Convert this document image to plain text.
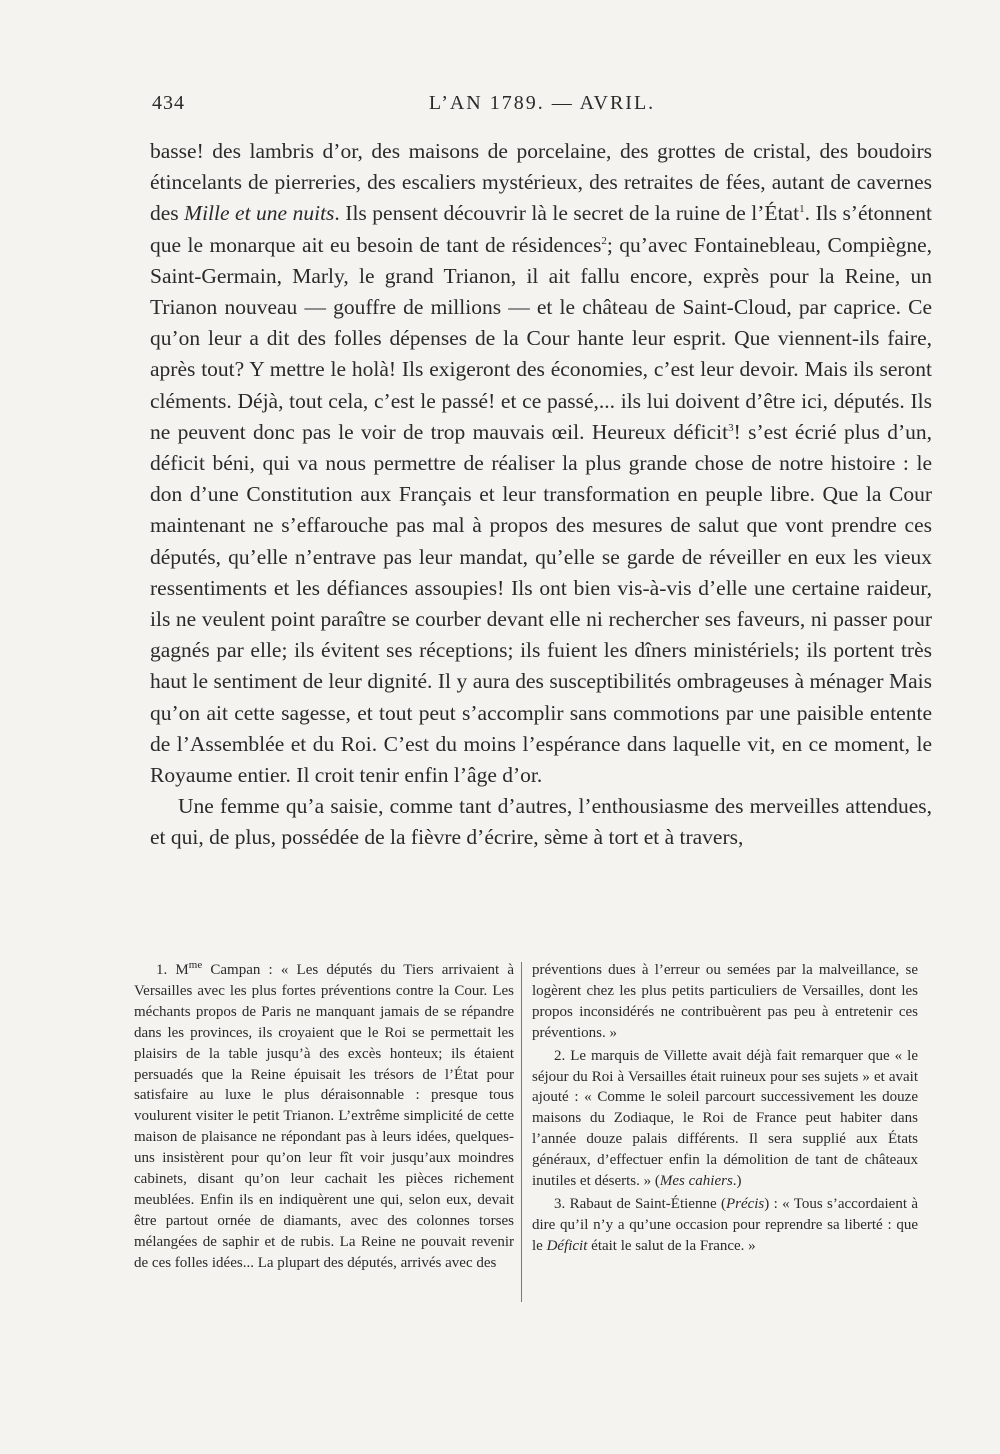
434	L’AN 1789. — AVRIL.

basse! des lambris d’or, des maisons de porcelaine, des grottes de cristal, des boudoirs étincelants de pierreries, des escaliers mystérieux, des retraites de fées, autant de cavernes des Mille et une nuits. Ils pensent découvrir là le secret de la ruine de l’État$^1$. Ils s’étonnent que le monarque ait eu besoin de tant de résidences$^2$; qu’avec Fontainebleau, Compiègne, Saint-Germain, Marly, le grand Trianon, il ait fallu encore, exprès pour la Reine, un Trianon nouveau — gouffre de millions — et le château de Saint-Cloud, par caprice. Ce qu’on leur a dit des folles dépenses de la Cour hante leur esprit. Que viennent-ils faire, après tout? Y mettre le holà! Ils exigeront des économies, c’est leur devoir. Mais ils seront cléments. Déjà, tout cela, c’est le passé! et ce passé,... ils lui doivent d’être ici, députés. Ils ne peuvent donc pas le voir de trop mauvais œil. Heureux déficit$^3$! s’est écrié plus d’un, déficit béni, qui va nous permettre de réaliser la plus grande chose de notre histoire : le don d’une Constitution aux Français et leur transformation en peuple libre. Que la Cour maintenant ne s’effarouche pas mal à propos des mesures de salut que vont prendre ces députés, qu’elle n’entrave pas leur mandat, qu’elle se garde de réveiller en eux les vieux ressentiments et les défiances assoupies! Ils ont bien vis-à-vis d’elle une certaine raideur, ils ne veulent point paraître se courber devant elle ni rechercher ses faveurs, ni passer pour gagnés par elle; ils évitent ses réceptions; ils fuient les dîners ministériels; ils portent très haut le sentiment de leur dignité. Il y aura des susceptibilités ombrageuses à ménager Mais qu’on ait cette sagesse, et tout peut s’accomplir sans commotions par une paisible entente de l’Assemblée et du Roi. C’est du moins l’espérance dans laquelle vit, en ce moment, le Royaume entier. Il croit tenir enfin l’âge d’or.

Une femme qu’a saisie, comme tant d’autres, l’enthousiasme des merveilles attendues, et qui, de plus, possédée de la fièvre d’écrire, sème à tort et à travers,

1. $M^{me}$ Campan : « Les députés du Tiers arrivaient à Versailles avec les plus fortes préventions contre la Cour. Les méchants propos de Paris ne manquant jamais de se répandre dans les provinces, ils croyaient que le Roi se permettait les plaisirs de la table jusqu’à des excès honteux; ils étaient persuadés que la Reine épuisait les trésors de l’État pour satisfaire au luxe le plus déraisonnable : presque tous voulurent visiter le petit Trianon. L’extrême simplicité de cette maison de plaisance ne répondant pas à leurs idées, quelques-uns insistèrent pour qu’on leur fît voir jusqu’aux moindres cabinets, disant qu’on leur cachait les pièces richement meublées. Enfin ils en indiquèrent une qui, selon eux, devait être partout ornée de diamants, avec des colonnes torses mélangées de saphir et de rubis. La Reine ne pouvait revenir de ces folles idées... La plupart des députés, arrivés avec des

préventions dues à l’erreur ou semées par la malveillance, se logèrent chez les plus petits particuliers de Versailles, dont les propos inconsidérés ne contribuèrent pas peu à entretenir ces préventions. »

2. Le marquis de Villette avait déjà fait remarquer que « le séjour du Roi à Versailles était ruineux pour ses sujets » et avait ajouté : « Comme le soleil parcourt successivement les douze maisons du Zodiaque, le Roi de France peut habiter dans l’année douze palais différents. Il sera supplié aux États généraux, d’effectuer enfin la démolition de tant de châteaux inutiles et déserts. » (Mes cahiers.)

3. Rabaut de Saint-Étienne (Précis) : « Tous s’accordaient à dire qu’il n’y a qu’une occasion pour reprendre sa liberté : que le Déficit était le salut de la France. »
